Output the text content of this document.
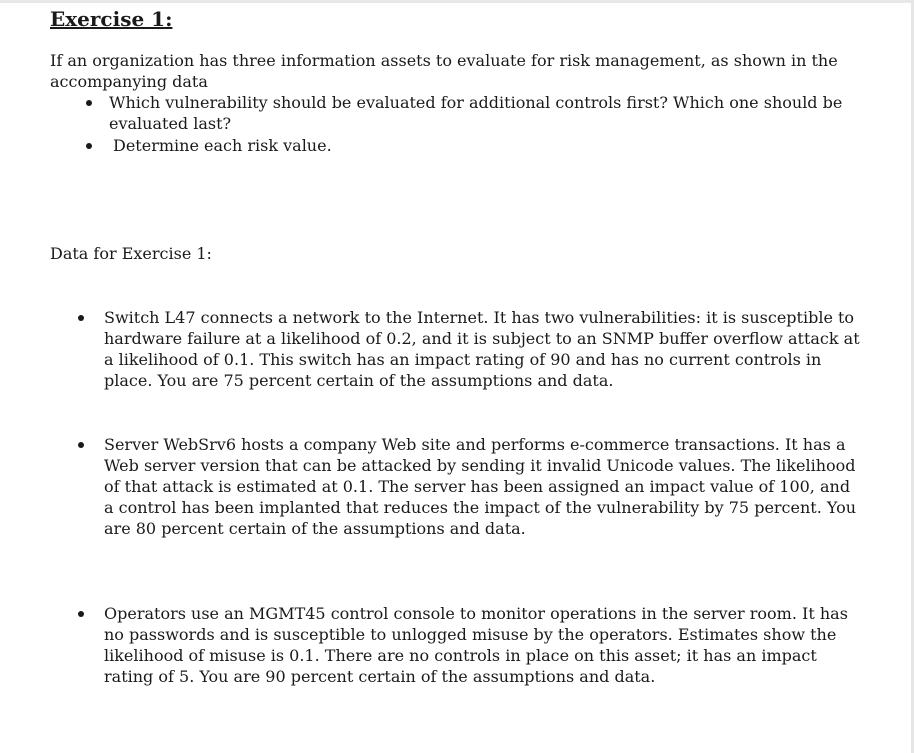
Exercise 1:

If an organization has three information assets to evaluate for risk management, as shown in the accompanying data

Which vulnerability should be evaluated for additional controls first? Which one should be evaluated last?
Determine each risk value.

Data for Exercise 1:

Switch L47 connects a network to the Internet. It has two vulnerabilities: it is susceptible to hardware failure at a likelihood of 0.2, and it is subject to an SNMP buffer overflow attack at a likelihood of 0.1. This switch has an impact rating of 90 and has no current controls in place. You are 75 percent certain of the assumptions and data.
Server WebSrv6 hosts a company Web site and performs e-commerce transactions. It has a Web server version that can be attacked by sending it invalid Unicode values. The likelihood of that attack is estimated at 0.1. The server has been assigned an impact value of 100, and a control has been implanted that reduces the impact of the vulnerability by 75 percent. You are 80 percent certain of the assumptions and data.
Operators use an MGMT45 control console to monitor operations in the server room. It has no passwords and is susceptible to unlogged misuse by the operators. Estimates show the likelihood of misuse is 0.1. There are no controls in place on this asset; it has an impact rating of 5. You are 90 percent certain of the assumptions and data.
